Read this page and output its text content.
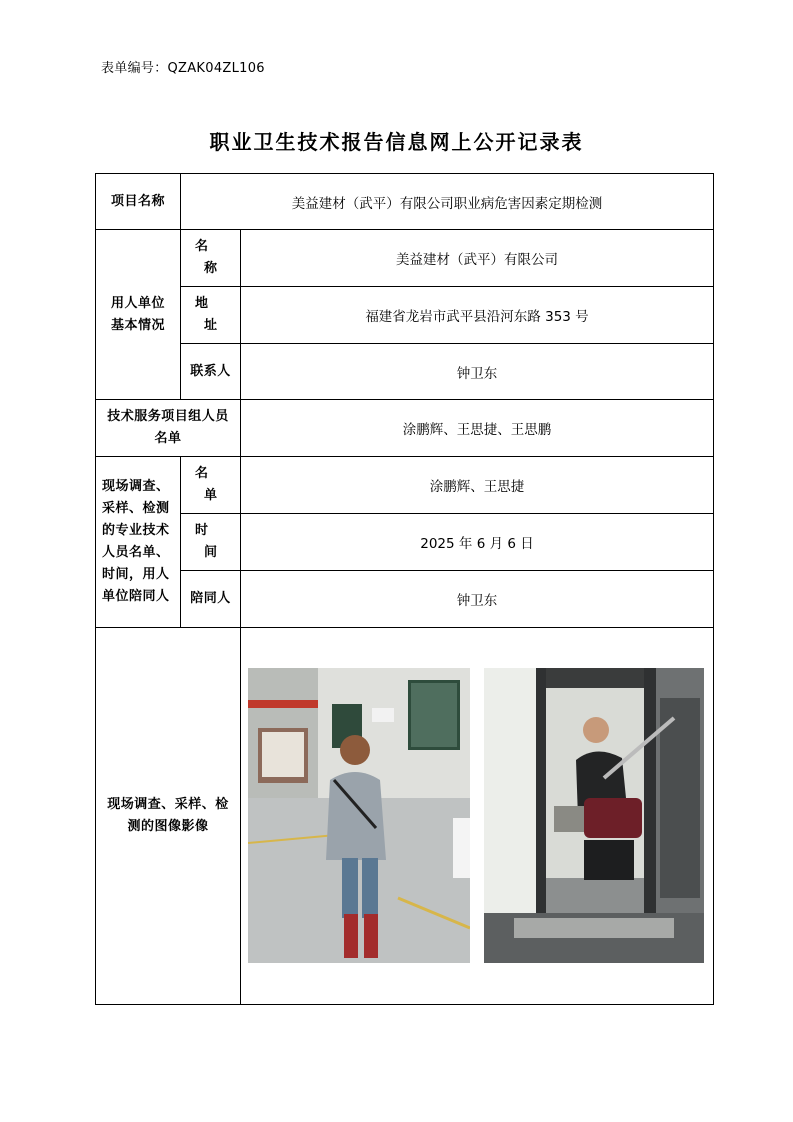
表单编号：QZAK04ZL106
职业卫生技术报告信息网上公开记录表
项目名称	美益建材（武平）有限公司职业病危害因素定期检测	
用人单位基本情况	名称	美益建材（武平）有限公司
	地址	福建省龙岩市武平县沿河东路 353 号
	联系人	钟卫东
技术服务项目组人员名单		涂鹏辉、王思捷、王思鹏
现场调查、采样、检测的专业技术人员名单、时间，用人单位陪同人	名单	涂鹏辉、王思捷
	时间	2025 年 6 月 6 日
	陪同人	钟卫东
现场调查、采样、检测的图像影像	
